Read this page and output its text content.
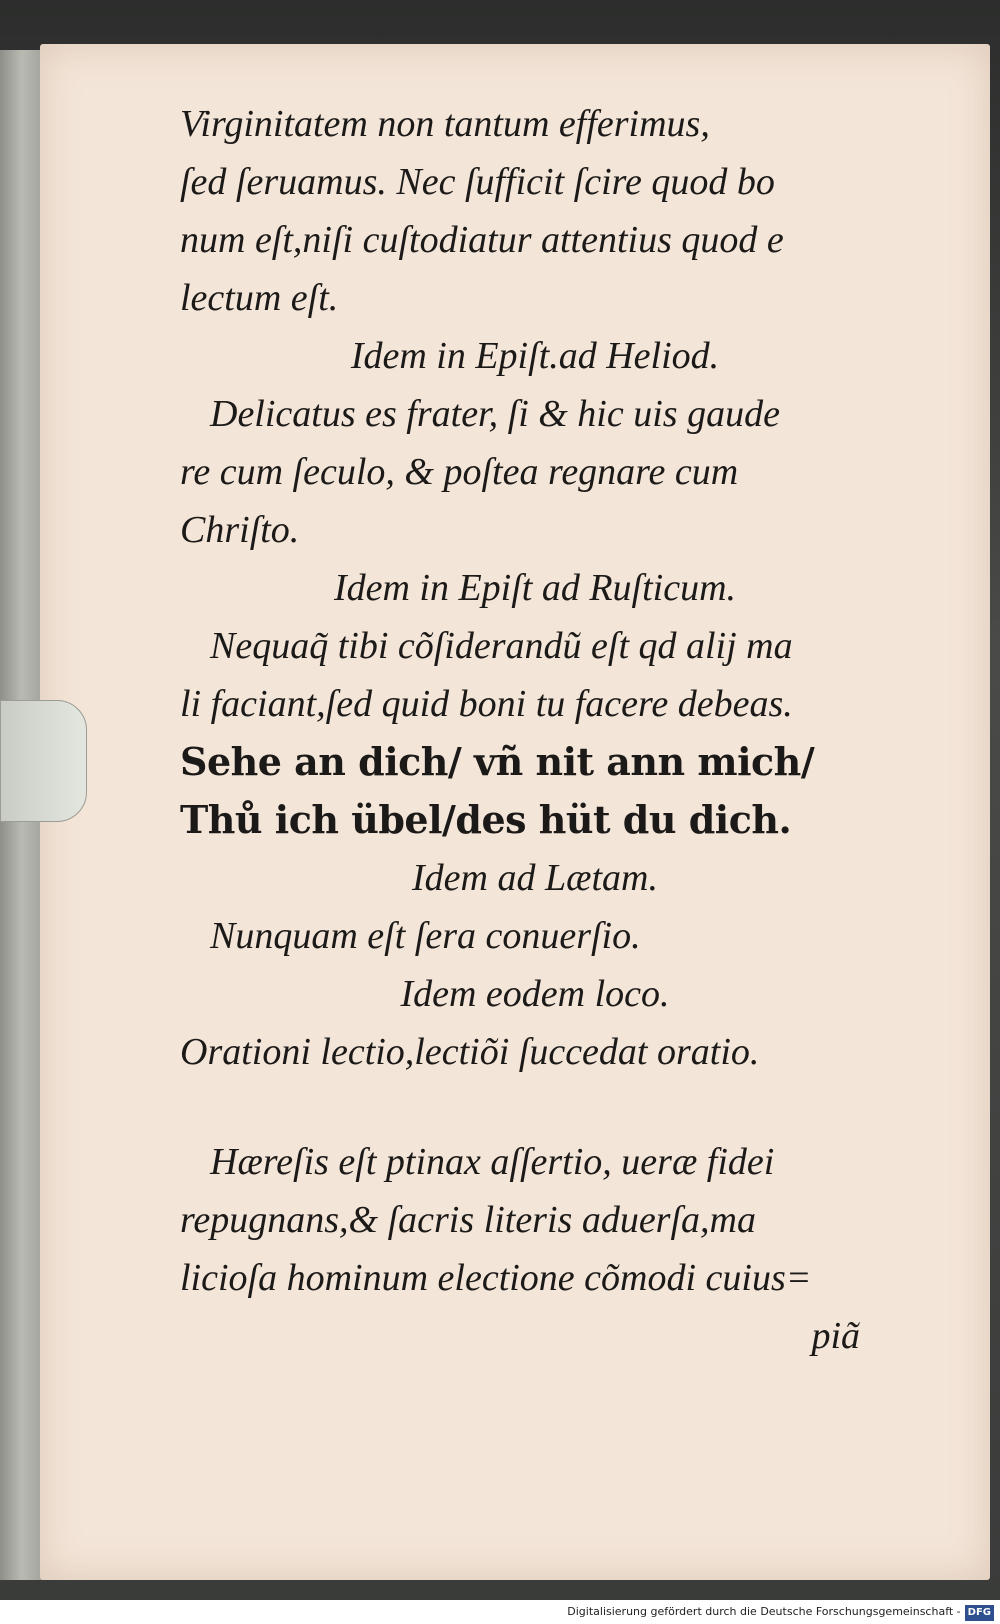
Virginitatem non tantum efferimus,
ſed ſeruamus. Nec ſufficit ſcire quod bo
num eſt,niſi cuſtodiatur attentius quod e
lectum eſt.
Idem in Epiſt.ad Heliod.
Delicatus es frater, ſi & hic uis gaude
re cum ſeculo, & poſtea regnare cum
Chriſto.
Idem in Epiſt ad Ruſticum.
Nequaq̃ tibi cõſiderandũ eſt qd alij ma
li faciant,ſed quid boni tu facere debeas.
Sehe an dich/ vñ nit ann mich/
Thů ich übel/des hüt du dich.
Idem ad Lætam.
Nunquam eſt ſera conuerſio.
Idem eodem loco.
Orationi lectio,lectiõi ſuccedat oratio.
Hæreſis eſt ptinax aſſertio, ueræ fidei
repugnans,& ſacris literis aduerſa,ma
licioſa hominum electione cõmodi cuius=
piã
Digitalisierung gefördert durch die Deutsche Forschungsgemeinschaft - DFG
